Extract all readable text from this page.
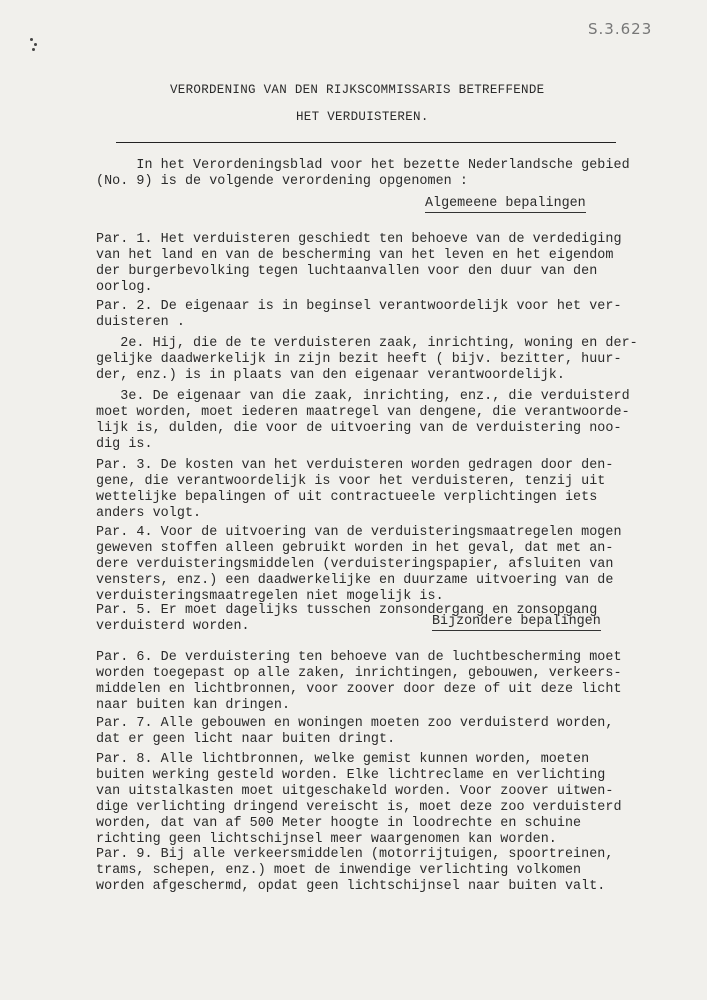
S.3.623
VERORDENING VAN DEN RIJKSCOMMISSARIS BETREFFENDE
HET VERDUISTEREN.
In het Verordeningsblad voor het bezette Nederlandsche gebied
(No. 9) is de volgende verordening opgenomen :
Algemeene bepalingen
Par. 1. Het verduisteren geschiedt ten behoeve van de verdediging
van het land en van de bescherming van het leven en het eigendom
der burgerbevolking tegen luchtaanvallen voor den duur van den
oorlog.
Par. 2. De eigenaar is in beginsel verantwoordelijk voor het ver-
duisteren .
2e. Hij, die de te verduisteren zaak, inrichting, woning en der-
gelijke daadwerkelijk in zijn bezit heeft ( bijv. bezitter, huur-
der, enz.) is in plaats van den eigenaar verantwoordelijk.
3e. De eigenaar van die zaak, inrichting, enz., die verduisterd
moet worden, moet iederen maatregel van dengene, die verantwoorde-
lijk is, dulden, die voor de uitvoering van de verduistering noo-
dig is.
Par. 3. De kosten van het verduisteren worden gedragen door den-
gene, die verantwoordelijk is voor het verduisteren, tenzij uit
wettelijke bepalingen of uit contractueele verplichtingen iets
anders volgt.
Par. 4. Voor de uitvoering van de verduisteringsmaatregelen mogen
geweven stoffen alleen gebruikt worden in het geval, dat met an-
dere verduisteringsmiddelen (verduisteringspapier, afsluiten van
vensters, enz.) een daadwerkelijke en duurzame uitvoering van de
verduisteringsmaatregelen niet mogelijk is.
Par. 5. Er moet dagelijks tusschen zonsondergang en zonsopgang
verduisterd worden.	Bijzondere bepalingen
Par. 6. De verduistering ten behoeve van de luchtbescherming moet
worden toegepast op alle zaken, inrichtingen, gebouwen, verkeers-
middelen en lichtbronnen, voor zoover door deze of uit deze licht
naar buiten kan dringen.
Par. 7. Alle gebouwen en woningen moeten zoo verduisterd worden,
dat er geen licht naar buiten dringt.
Par. 8. Alle lichtbronnen, welke gemist kunnen worden, moeten
buiten werking gesteld worden. Elke lichtreclame en verlichting
van uitstalkasten moet uitgeschakeld worden. Voor zoover uitwen-
dige verlichting dringend vereischt is, moet deze zoo verduisterd
worden, dat van af 500 Meter hoogte in loodrechte en schuine
richting geen lichtschijnsel meer waargenomen kan worden.
Par. 9. Bij alle verkeersmiddelen (motorrijtuigen, spoortreinen,
trams, schepen, enz.) moet de inwendige verlichting volkomen
worden afgeschermd, opdat geen lichtschijnsel naar buiten valt.
